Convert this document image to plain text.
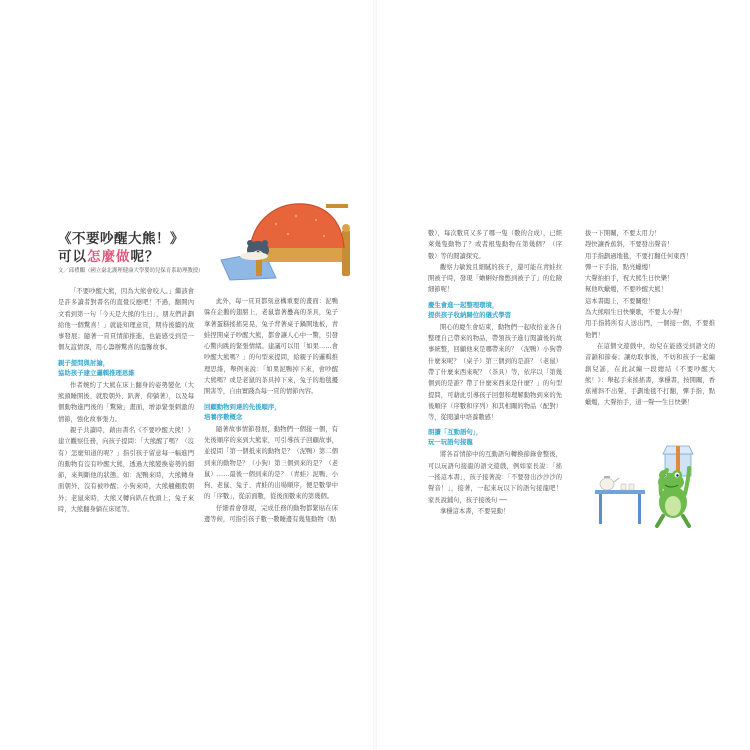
《不要吵醒大熊！》
可以怎麼做呢？
文／邱禮鵬（國立臺北護理健康大學嬰幼兒保育系助理教授）

「不要吵醒大熊，因為大熊會咬人。」繼該會是許多讀者對書名的直覺反應吧！不過，翻開內文看到第一句「今天是大熊的生日」，朋友們計劃給他一個驚喜！」就能知理意頁，期待後續的故事發展；隨著一頁頁情節推進，也能感受到是一個友誼情深，用心籌辦驚喜的溫馨故事。

親子提問與討論，
協助孩子建立邏輯推理思維

作者婉約了大熊在床上翻身的姿勢變化（大熊頭睡開後、就股朝外、趴著、仰躺著），以及每個動物進門後的「驚險」畫面，增添緊張刺激的情節，強化故事張力。

親子共讀時，藉由書名《不要吵醒大熊！》建立觀察任務，向孩子提問：「大熊醒了嗎？（沒有）怎麼知道的呢？」指引孩子留意每一幅進門的動物有沒有吵醒大熊，透過大熊變換姿勢的細節，來判斷他的狀態。如：泥鴨來時，大熊轉身面朝外，沒有被吵醒；小狗來時，大熊翹翹股朝外；老鼠來時，大熊又轉向趴在枕頭上；兔子來時，大熊翻身躺在床尾等。

此外，每一頁頁都刻意構重要的畫面：泥鴨躲在企鵝的翅膀上，老鼠靠著疊高的茶具，兔子拿著蛋糕搖搖晃晃，兔子背著桌子鍋開地板，青蛙捏開桌子吵醒大熊，都會讓人心中一驚，引發心驚肉跳的緊張情緒。建議可以用「如果……會吵醒大熊嗎？」的句型來提問，給親子的邏輯推理思維，舉例來說：「如果泥鴨掉下來，會吵醒大熊嗎？或是老鼠的茶具掉下來，兔子的地毯擾開害等，自由實踐為每一頁的情節內容。

回顧動物到達的先後順序，
培養序數概念

隨著故事情節發展，動物們一個接一個，有先後順序的來到大熊家，可引導孩子回顧故事，並提問「第一個抵來的動物是？（泥鴨）第二個到來的動物是？（小狗）第三個到來的是？（老鼠）……最後一個到來的是？（青蛙）泥鴨、小狗、老鼠、兔子、青蛙的出場順序，便是數學中的「序數」，從前面數，從後面數來的第幾個。

仔細看會發現，完成任務的動物都緊貼在床邊等候，可指引孩子數一數睡邊有幾隻動物（點

數），每次數頁又多了哪一隻（數的合成），已經萊幾隻動物了？或者根隻動物在第幾個？（序數）等的閱讀探究。

觀察力敏銳且細膩的孩子，還可能在青蛙拉開被子時，發現「蟾蜊好像憋到被子了」的危險細節呢！

慶生會進一起整理環境，
提供孩子收納歸位的儀式學習

開心的慶生會結束，動物們一起收拾並各自整理自己帶來的物品，帶領孩子進行閱讀後的故事統整，回顧他來是哪帶來的？（泥鴨）小狗帶什麼來呢？（桌子）第三個到的是誰？（老鼠）帶了什麼來西來呢？（茶具）等，依序以「第幾個到的是誰？帶了什麼來西來是什麼？」的句型提問，可藉此引導孩子回想和理解動物到來的先後順序（序數和序列）和其相關的物品（配對）等，從閱讀中培養數感！

朗讀「互動語句」，
玩一玩語句接龍

將各首情節中的互動語句轉換節錄會整後，可以玩語句接龍的語文遊戲，例如家長說：「搖一搖這本書」，孩子接著說：「不要發出沙沙沙的聲音！」，接著，一起來玩以下的語句接龍吧！家長說鋪句，孩子接後句 ──

拿穩這本書，不要晃動！

拔一下開關，不要太用力！

趕快讓香蕉斜，不要發出聲音！

用手指劃過地毯，不要打翻任何東西！

彈一下手指，點亮蠟燭！

大聲拍拍手，祝大熊生日快樂！

幫他吹蠟燭，不要吵醒大熊！

這本書闔上，不要關燈！

為大熊唱生日快樂歌，不要太小聲！

用手指將所有人送出門，一個接一個，不要推他們！

在這個文遊戲中，幼兒在能感受到語文的音韻和節奏；讓幼取事後，不妨和孩子一起編創兒謠，在此試編一段總結《不要吵醒大熊！》：舉起手來搖搖書，拿穩書，按開關，香蕉補斜不出聲，手劃地毯不打翻，彈手指，點蠟燭，大聲拍手，道一聲──生日快樂！
